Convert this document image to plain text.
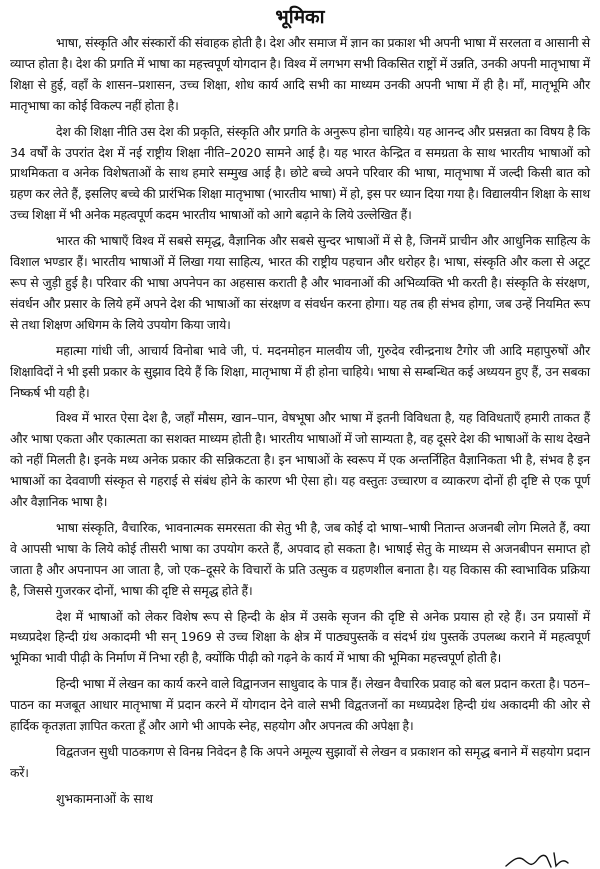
भूमिका

भाषा, संस्कृति और संस्कारों की संवाहक होती है। देश और समाज में ज्ञान का प्रकाश भी अपनी भाषा में सरलता व आसानी से व्याप्त होता है। देश की प्रगति में भाषा का महत्त्वपूर्ण योगदान है। विश्व में लगभग सभी विकसित राष्ट्रों में उन्नति, उनकी अपनी मातृभाषा में शिक्षा से हुई, वहाँ के शासन–प्रशासन, उच्च शिक्षा, शोध कार्य आदि सभी का माध्यम उनकी अपनी भाषा में ही है। माँ, मातृभूमि और मातृभाषा का कोई विकल्प नहीं होता है।

देश की शिक्षा नीति उस देश की प्रकृति, संस्कृति और प्रगति के अनुरूप होना चाहिये। यह आनन्द और प्रसन्नता का विषय है कि 34 वर्षों के उपरांत देश में नई राष्ट्रीय शिक्षा नीति–2020 सामने आई है। यह भारत केन्द्रित व समग्रता के साथ भारतीय भाषाओं को प्राथमिकता व अनेक विशेषताओं के साथ हमारे सम्मुख आई है। छोटे बच्चे अपने परिवार की भाषा, मातृभाषा में जल्दी किसी बात को ग्रहण कर लेते हैं, इसलिए बच्चे की प्रारंभिक शिक्षा मातृभाषा (भारतीय भाषा) में हो, इस पर ध्यान दिया गया है। विद्यालयीन शिक्षा के साथ उच्च शिक्षा में भी अनेक महत्वपूर्ण कदम भारतीय भाषाओं को आगे बढ़ाने के लिये उल्लेखित हैं।

भारत की भाषाएँ विश्व में सबसे समृद्ध, वैज्ञानिक और सबसे सुन्दर भाषाओं में से है, जिनमें प्राचीन और आधुनिक साहित्य के विशाल भण्डार हैं। भारतीय भाषाओं में लिखा गया साहित्य, भारत की राष्ट्रीय पहचान और धरोहर है। भाषा, संस्कृति और कला से अटूट रूप से जुड़ी हुई है। परिवार की भाषा अपनेपन का अहसास कराती है और भावनाओं की अभिव्यक्ति भी करती है। संस्कृति के संरक्षण, संवर्धन और प्रसार के लिये हमें अपने देश की भाषाओं का संरक्षण व संवर्धन करना होगा। यह तब ही संभव होगा, जब उन्हें नियमित रूप से तथा शिक्षण अधिगम के लिये उपयोग किया जाये।

महात्मा गांधी जी, आचार्य विनोबा भावे जी, पं. मदनमोहन मालवीय जी, गुरुदेव रवीन्द्रनाथ टैगोर जी आदि महापुरुषों और शिक्षाविदों ने भी इसी प्रकार के सुझाव दिये हैं कि शिक्षा, मातृभाषा में ही होना चाहिये। भाषा से सम्बन्धित कई अध्ययन हुए हैं, उन सबका निष्कर्ष भी यही है।

विश्व में भारत ऐसा देश है, जहाँ मौसम, खान–पान, वेषभूषा और भाषा में इतनी विविधता है, यह विविधताएँ हमारी ताकत हैं और भाषा एकता और एकात्मता का सशक्त माध्यम होती है। भारतीय भाषाओं में जो साम्यता है, वह दूसरे देश की भाषाओं के साथ देखने को नहीं मिलती है। इनके मध्य अनेक प्रकार की सन्निकटता है। इन भाषाओं के स्वरूप में एक अन्तर्निहित वैज्ञानिकता भी है, संभव है इन भाषाओं का देववाणी संस्कृत से गहराई से संबंध होने के कारण भी ऐसा हो। यह वस्तुतः उच्चारण व व्याकरण दोनों ही दृष्टि से एक पूर्ण और वैज्ञानिक भाषा है।

भाषा संस्कृति, वैचारिक, भावनात्मक समरसता की सेतु भी है, जब कोई दो भाषा–भाषी नितान्त अजनबी लोग मिलते हैं, क्या वे आपसी भाषा के लिये कोई तीसरी भाषा का उपयोग करते हैं, अपवाद हो सकता है। भाषाई सेतु के माध्यम से अजनबीपन समाप्त हो जाता है और अपनापन आ जाता है, जो एक–दूसरे के विचारों के प्रति उत्सुक व ग्रहणशील बनाता है। यह विकास की स्वाभाविक प्रक्रिया है, जिससे गुजरकर दोनों, भाषा की दृष्टि से समृद्ध होते हैं।

देश में भाषाओं को लेकर विशेष रूप से हिन्दी के क्षेत्र में उसके सृजन की दृष्टि से अनेक प्रयास हो रहे हैं। उन प्रयासों में मध्यप्रदेश हिन्दी ग्रंथ अकादमी भी सन् 1969 से उच्च शिक्षा के क्षेत्र में पाठ्यपुस्तकें व संदर्भ ग्रंथ पुस्तकें उपलब्ध कराने में महत्वपूर्ण भूमिका भावी पीढ़ी के निर्माण में निभा रही है, क्योंकि पीढ़ी को गढ़ने के कार्य में भाषा की भूमिका महत्त्वपूर्ण होती है।

हिन्दी भाषा में लेखन का कार्य करने वाले विद्वानजन साधुवाद के पात्र हैं। लेखन वैचारिक प्रवाह को बल प्रदान करता है। पठन–पाठन का मजबूत आधार मातृभाषा में प्रदान करने में योगदान देने वाले सभी विद्वतजनों का मध्यप्रदेश हिन्दी ग्रंथ अकादमी की ओर से हार्दिक कृतज्ञता ज्ञापित करता हूँ और आगे भी आपके स्नेह, सहयोग और अपनत्व की अपेक्षा है।

विद्वतजन सुधी पाठकगण से विनम्र निवेदन है कि अपने अमूल्य सुझावों से लेखन व प्रकाशन को समृद्ध बनाने में सहयोग प्रदान करें।

शुभकामनाओं के साथ
